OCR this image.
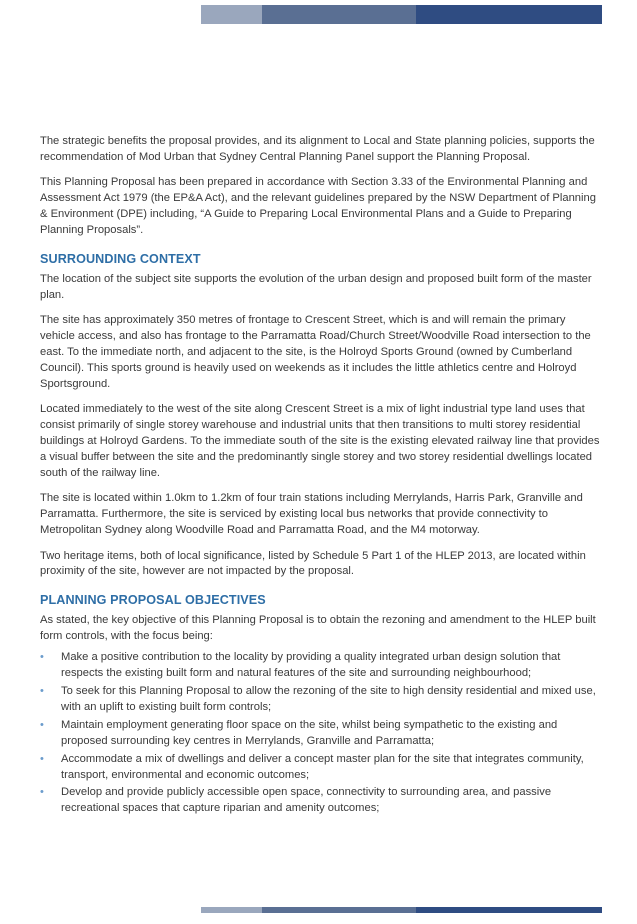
The strategic benefits the proposal provides, and its alignment to Local and State planning policies, supports the recommendation of Mod Urban that Sydney Central Planning Panel support the Planning Proposal.

This Planning Proposal has been prepared in accordance with Section 3.33 of the Environmental Planning and Assessment Act 1979 (the EP&A Act), and the relevant guidelines prepared by the NSW Department of Planning & Environment (DPE) including, “A Guide to Preparing Local Environmental Plans and a Guide to Preparing Planning Proposals”.

SURROUNDING CONTEXT

The location of the subject site supports the evolution of the urban design and proposed built form of the master plan.

The site has approximately 350 metres of frontage to Crescent Street, which is and will remain the primary vehicle access, and also has frontage to the Parramatta Road/Church Street/Woodville Road intersection to the east. To the immediate north, and adjacent to the site, is the Holroyd Sports Ground (owned by Cumberland Council). This sports ground is heavily used on weekends as it includes the little athletics centre and Holroyd Sportsground.

Located immediately to the west of the site along Crescent Street is a mix of light industrial type land uses that consist primarily of single storey warehouse and industrial units that then transitions to multi storey residential buildings at Holroyd Gardens. To the immediate south of the site is the existing elevated railway line that provides a visual buffer between the site and the predominantly single storey and two storey residential dwellings located south of the railway line.

The site is located within 1.0km to 1.2km of four train stations including Merrylands, Harris Park, Granville and Parramatta. Furthermore, the site is serviced by existing local bus networks that provide connectivity to Metropolitan Sydney along Woodville Road and Parramatta Road, and the M4 motorway.

Two heritage items, both of local significance, listed by Schedule 5 Part 1 of the HLEP 2013, are located within proximity of the site, however are not impacted by the proposal.

PLANNING PROPOSAL OBJECTIVES

As stated, the key objective of this Planning Proposal is to obtain the rezoning and amendment to the HLEP built form controls, with the focus being:

• Make a positive contribution to the locality by providing a quality integrated urban design solution that respects the existing built form and natural features of the site and surrounding neighbourhood;
• To seek for this Planning Proposal to allow the rezoning of the site to high density residential and mixed use, with an uplift to existing built form controls;
• Maintain employment generating floor space on the site, whilst being sympathetic to the existing and proposed surrounding key centres in Merrylands, Granville and Parramatta;
• Accommodate a mix of dwellings and deliver a concept master plan for the site that integrates community, transport, environmental and economic outcomes;
• Develop and provide publicly accessible open space, connectivity to surrounding area, and passive recreational spaces that capture riparian and amenity outcomes;
